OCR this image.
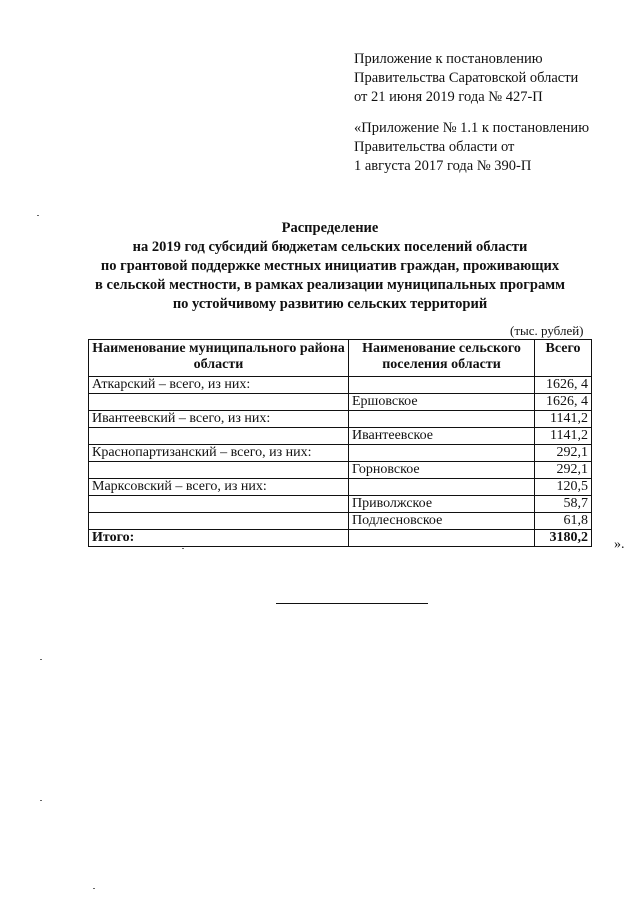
Приложение к постановлению
Правительства Саратовской области
от 21 июня 2019 года № 427-П
«Приложение № 1.1 к постановлению
Правительства области от
1 августа 2017 года № 390-П
Распределение
на 2019 год субсидий бюджетам сельских поселений области
по грантовой поддержке местных инициатив граждан, проживающих
в сельской местности, в рамках реализации муниципальных программ
по устойчивому развитию сельских территорий
(тыс. рублей)
Наименование муниципального района области	Наименование сельского поселения области	Всего
Аткарский – всего, из них:		1626, 4
	Ершовское	1626, 4
Ивантеевский – всего, из них:		1141,2
	Ивантеевское	1141,2
Краснопартизанский – всего, из них:		292,1
	Горновское	292,1
Марксовский – всего, из них:		120,5
	Приволжское	58,7
	Подлесновское	61,8
Итого:		3180,2 ».
